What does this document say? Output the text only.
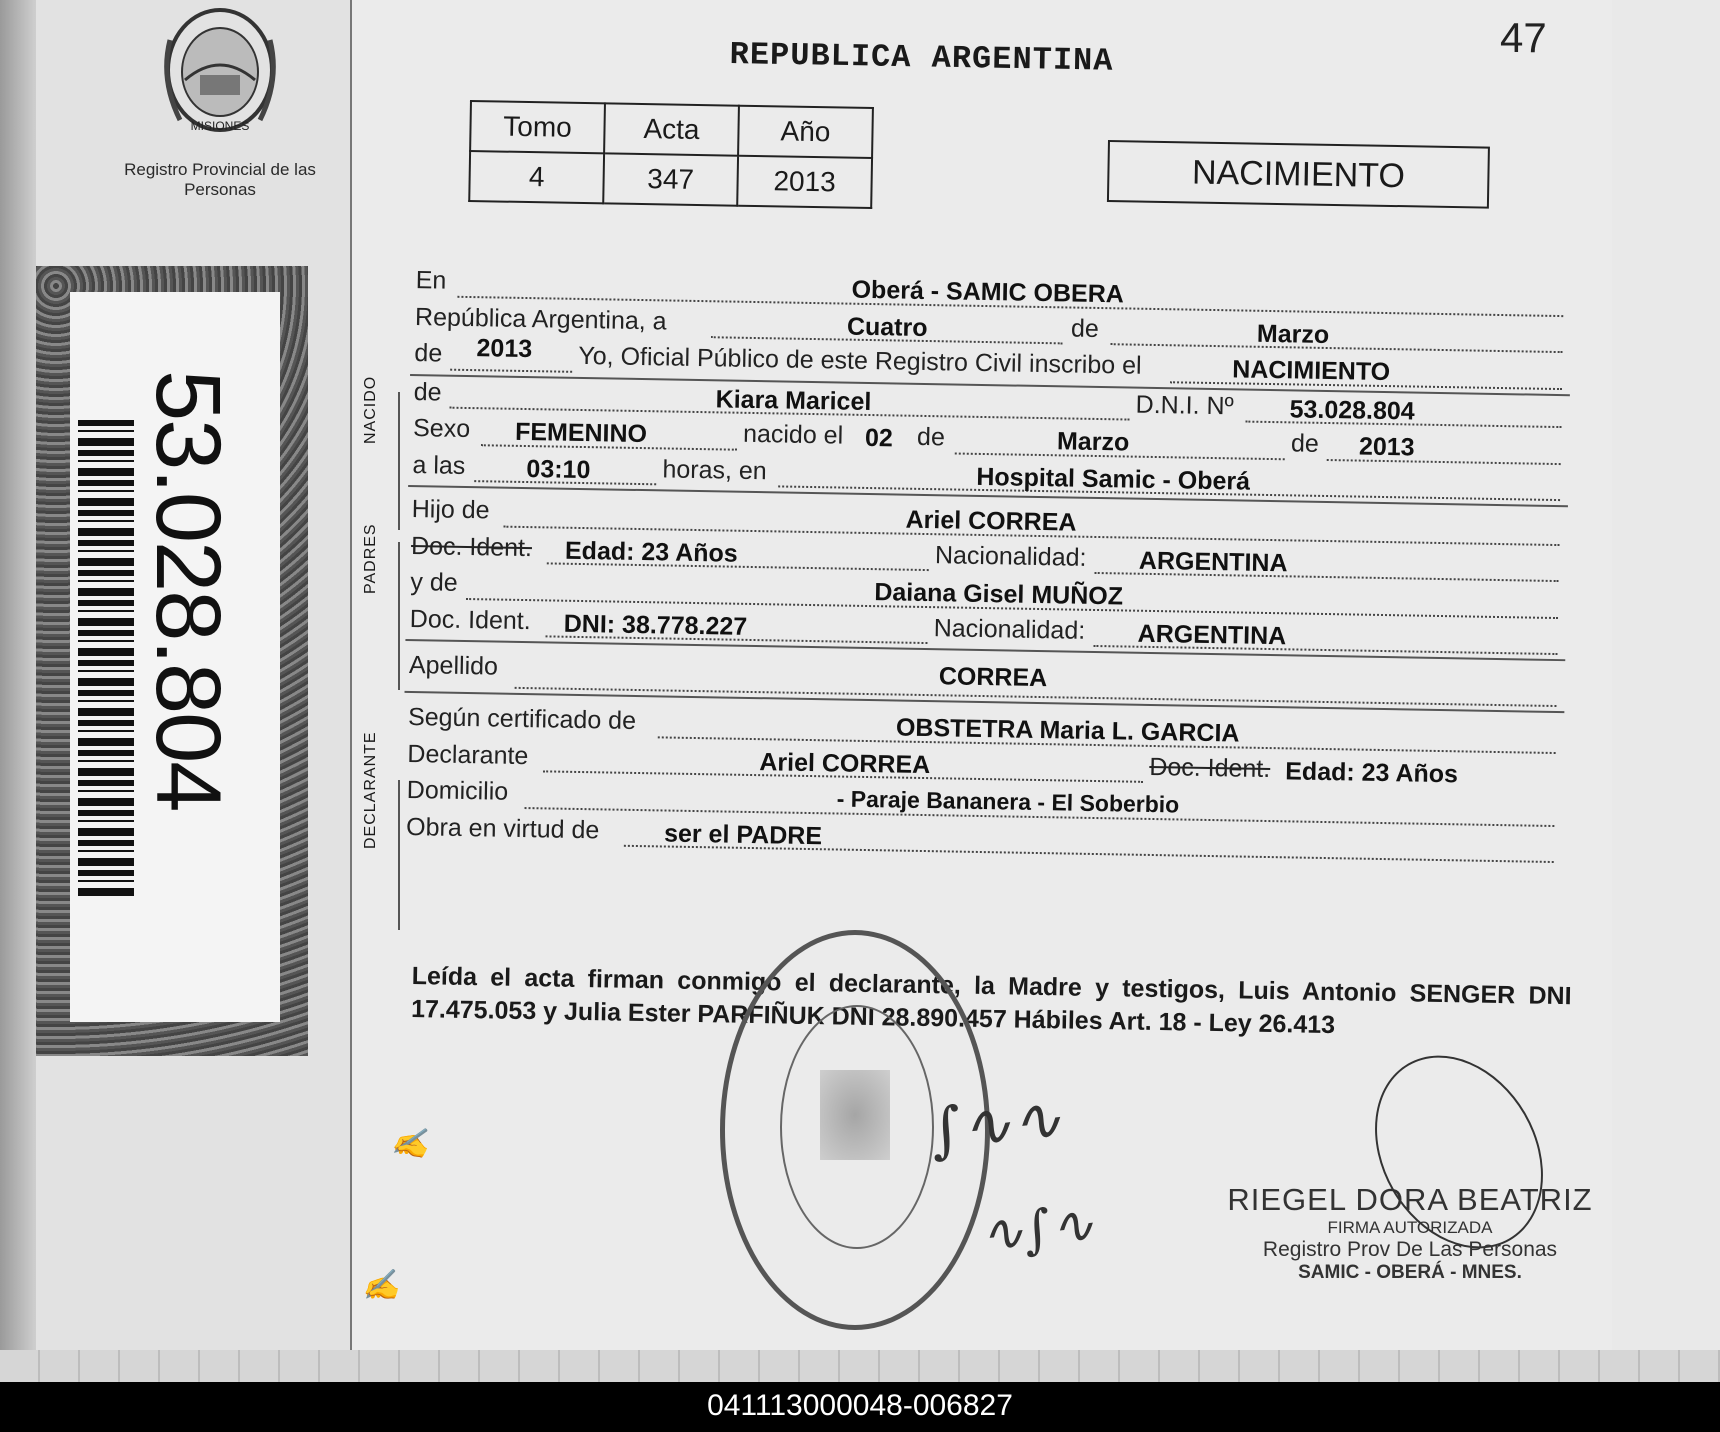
MISIONES
Registro Provincial de las Personas
53.028.804
47
REPUBLICA ARGENTINA
Tomo	Acta	Año
4	347	2013	NACIMIENTO
En	Oberá - SAMIC OBERA
República Argentina, a	Cuatro	de	Marzo
de 2013 Yo, Oficial Público de este Registro Civil inscribo el	NACIMIENTO
de	Kiara Maricel	D.N.I. Nº 53.028.804
Sexo FEMENINO	nacido el 02 de	Marzo	de 2013
a las 03:10	horas, en	Hospital Samic - Oberá
Hijo de	Ariel CORREA
Doc. Ident. Edad: 23 Años	Nacionalidad: ARGENTINA
y de	Daiana Gisel MUÑOZ
Doc. Ident. DNI: 38.778.227	Nacionalidad: ARGENTINA
Apellido	CORREA
Según certificado de	OBSTETRA Maria L. GARCIA
Declarante	Ariel CORREA	Doc. Ident. Edad: 23 Años
Domicilio	- Paraje Bananera - El Soberbio
Obra en virtud de	ser el PADRE
Leída el acta firman conmigo el declarante, la Madre y testigos, Luis Antonio SENGER DNI 17.475.053 y Julia Ester PARFIÑUK DNI 28.890.457 Hábiles Art. 18 - Ley 26.413
✍
✍
∫∿∿
∿∫∿	RIEGEL DORA BEATRIZ
FIRMA AUTORIZADA
Registro Prov De Las Personas
SAMIC - OBERÁ - MNES.
041113000048-006827
